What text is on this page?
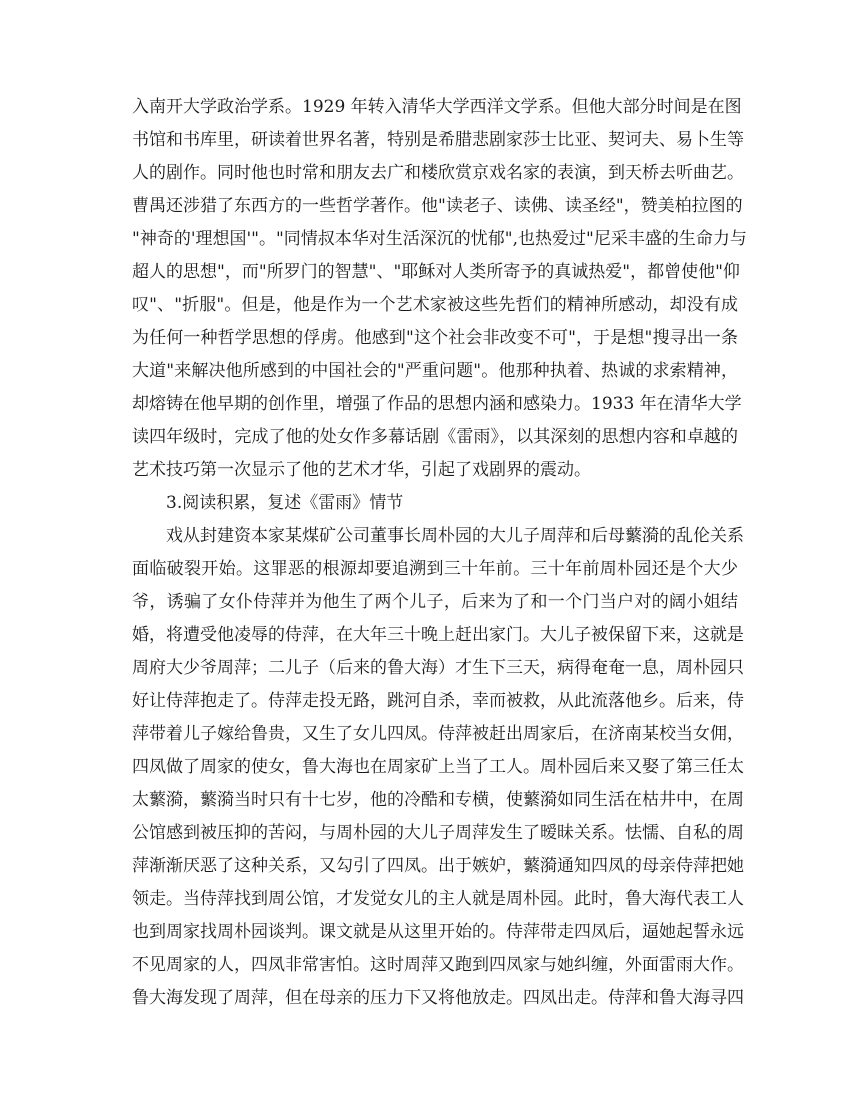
入南开大学政治学系。1929 年转入清华大学西洋文学系。但他大部分时间是在图
书馆和书库里，研读着世界名著，特别是希腊悲剧家莎士比亚、契诃夫、易卜生等
人的剧作。同时他也时常和朋友去广和楼欣赏京戏名家的表演，到天桥去听曲艺。
曹禺还涉猎了东西方的一些哲学著作。他"读老子、读佛、读圣经"，赞美柏拉图的
"神奇的'理想国'"。"同情叔本华对生活深沉的忧郁",也热爱过"尼采丰盛的生命力与
超人的思想"，而"所罗门的智慧"、"耶稣对人类所寄予的真诚热爱"，都曾使他"仰
叹"、"折服"。但是，他是作为一个艺术家被这些先哲们的精神所感动，却没有成
为任何一种哲学思想的俘虏。他感到"这个社会非改变不可"，于是想"搜寻出一条
大道"来解决他所感到的中国社会的"严重问题"。他那种执着、热诚的求索精神，
却熔铸在他早期的创作里，增强了作品的思想内涵和感染力。1933 年在清华大学
读四年级时，完成了他的处女作多幕话剧《雷雨》，以其深刻的思想内容和卓越的
艺术技巧第一次显示了他的艺术才华，引起了戏剧界的震动。
3.阅读积累，复述《雷雨》情节
戏从封建资本家某煤矿公司董事长周朴园的大儿子周萍和后母蘩漪的乱伦关系
面临破裂开始。这罪恶的根源却要追溯到三十年前。三十年前周朴园还是个大少
爷，诱骗了女仆侍萍并为他生了两个儿子，后来为了和一个门当户对的阔小姐结
婚，将遭受他凌辱的侍萍，在大年三十晚上赶出家门。大儿子被保留下来，这就是
周府大少爷周萍；二儿子（后来的鲁大海）才生下三天，病得奄奄一息，周朴园只
好让侍萍抱走了。侍萍走投无路，跳河自杀，幸而被救，从此流落他乡。后来，侍
萍带着儿子嫁给鲁贵，又生了女儿四凤。侍萍被赶出周家后，在济南某校当女佣，
四凤做了周家的使女，鲁大海也在周家矿上当了工人。周朴园后来又娶了第三任太
太蘩漪，蘩漪当时只有十七岁，他的冷酷和专横，使蘩漪如同生活在枯井中，在周
公馆感到被压抑的苦闷，与周朴园的大儿子周萍发生了暧昧关系。怯懦、自私的周
萍渐渐厌恶了这种关系，又勾引了四凤。出于嫉妒，蘩漪通知四凤的母亲侍萍把她
领走。当侍萍找到周公馆，才发觉女儿的主人就是周朴园。此时，鲁大海代表工人
也到周家找周朴园谈判。课文就是从这里开始的。侍萍带走四凤后，逼她起誓永远
不见周家的人，四凤非常害怕。这时周萍又跑到四凤家与她纠缠，外面雷雨大作。
鲁大海发现了周萍，但在母亲的压力下又将他放走。四凤出走。侍萍和鲁大海寻四
